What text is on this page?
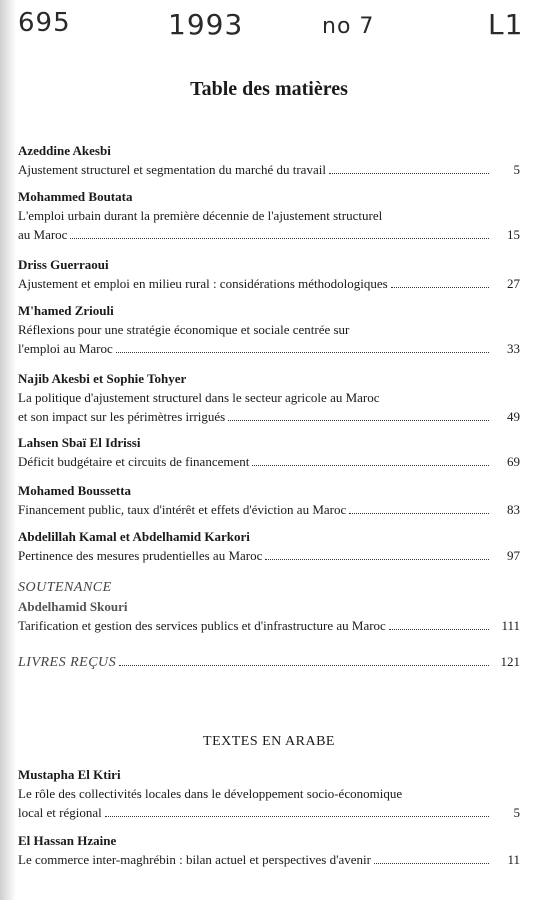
695	1993	no 7	L1
Table des matières
Azeddine Akesbi
Ajustement structurel et segmentation du marché du travail	5
Mohammed Boutata
L'emploi urbain durant la première décennie de l'ajustement structurel
au Maroc	15
Driss Guerraoui
Ajustement et emploi en milieu rural : considérations méthodologiques	27
M'hamed Zriouli
Réflexions pour une stratégie économique et sociale centrée sur
l'emploi au Maroc	33
Najib Akesbi et Sophie Tohyer
La politique d'ajustement structurel dans le secteur agricole au Maroc
et son impact sur les périmètres irrigués	49
Lahsen Sbaï El Idrissi
Déficit budgétaire et circuits de financement	69
Mohamed Boussetta
Financement public, taux d'intérêt et effets d'éviction au Maroc	83
Abdelillah Kamal et Abdelhamid Karkori
Pertinence des mesures prudentielles au Maroc	97
SOUTENANCE
Abdelhamid Skouri
Tarification et gestion des services publics et d'infrastructure au Maroc	111
LIVRES REÇUS	121
TEXTES EN ARABE
Mustapha El Ktiri
Le rôle des collectivités locales dans le développement socio-économique
local et régional	5
El Hassan Hzaine
Le commerce inter-maghrébin : bilan actuel et perspectives d'avenir	11
